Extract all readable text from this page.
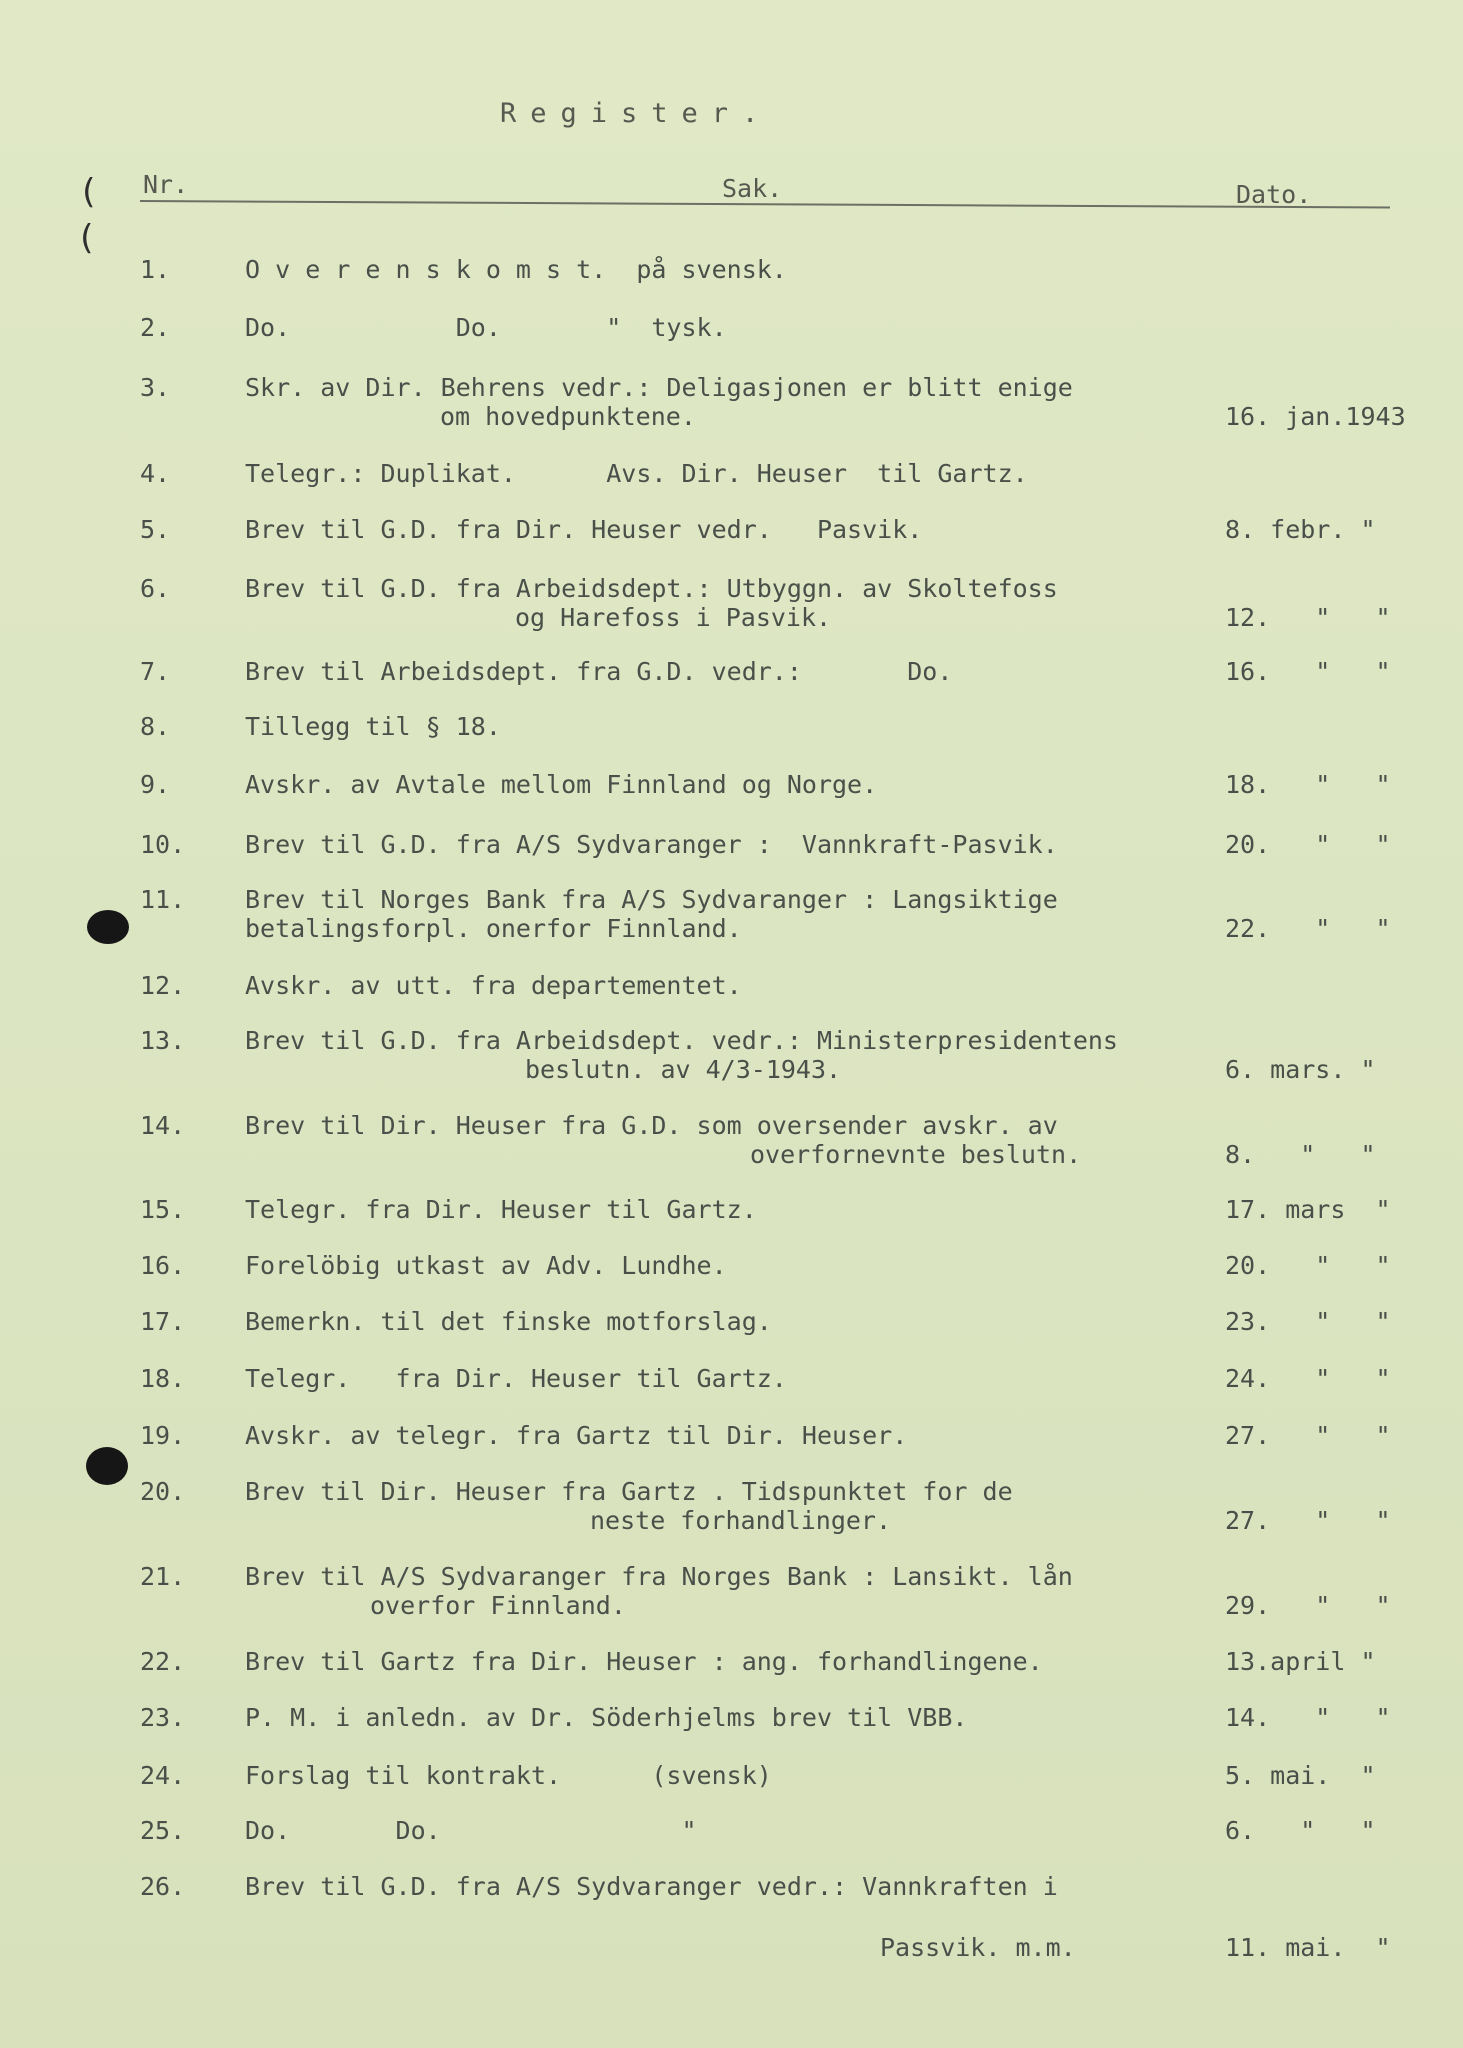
(
(
Register.
Nr.	Sak.	Dato.
1.	O v e r e n s k o m s t.  på svensk.
2.	Do.           Do.       "  tysk.
3.	Skr. av Dir. Behrens vedr.: Deligasjonen er blitt enige
om hovedpunktene.	16. jan.1943
4.	Telegr.: Duplikat.      Avs. Dir. Heuser  til Gartz.
5.	Brev til G.D. fra Dir. Heuser vedr.   Pasvik.	8. febr. "
6.	Brev til G.D. fra Arbeidsdept.: Utbyggn. av Skoltefoss
og Harefoss i Pasvik.	12.   "   "
7.	Brev til Arbeidsdept. fra G.D. vedr.:       Do.	16.   "   "
8.	Tillegg til § 18.
9.	Avskr. av Avtale mellom Finnland og Norge.	18.   "   "
10. Brev til G.D. fra A/S Sydvaranger :  Vannkraft-Pasvik.	20.   "   "
11. Brev til Norges Bank fra A/S Sydvaranger : Langsiktige
betalingsforpl. onerfor Finnland.	22.   "   "
12. Avskr. av utt. fra departementet.
13. Brev til G.D. fra Arbeidsdept. vedr.: Ministerpresidentens
beslutn. av 4/3-1943.	6. mars. "
14. Brev til Dir. Heuser fra G.D. som oversender avskr. av
overfornevnte beslutn.	8.   "   "
15. Telegr. fra Dir. Heuser til Gartz.	17. mars  "
16. Forelöbig utkast av Adv. Lundhe.	20.   "   "
17. Bemerkn. til det finske motforslag.	23.   "   "
18. Telegr.   fra Dir. Heuser til Gartz.	24.   "   "
19. Avskr. av telegr. fra Gartz til Dir. Heuser.	27.   "   "
20. Brev til Dir. Heuser fra Gartz . Tidspunktet for de
neste forhandlinger.	27.   "   "
21. Brev til A/S Sydvaranger fra Norges Bank : Lansikt. lån
overfor Finnland.	29.   "   "
22. Brev til Gartz fra Dir. Heuser : ang. forhandlingene.	13.april "
23. P. M. i anledn. av Dr. Söderhjelms brev til VBB.	14.   "   "
24. Forslag til kontrakt.      (svensk)	5. mai.  "
25. Do.       Do.                "	6.   "   "
26. Brev til G.D. fra A/S Sydvaranger vedr.: Vannkraften i
Passvik. m.m.	11. mai.  "
